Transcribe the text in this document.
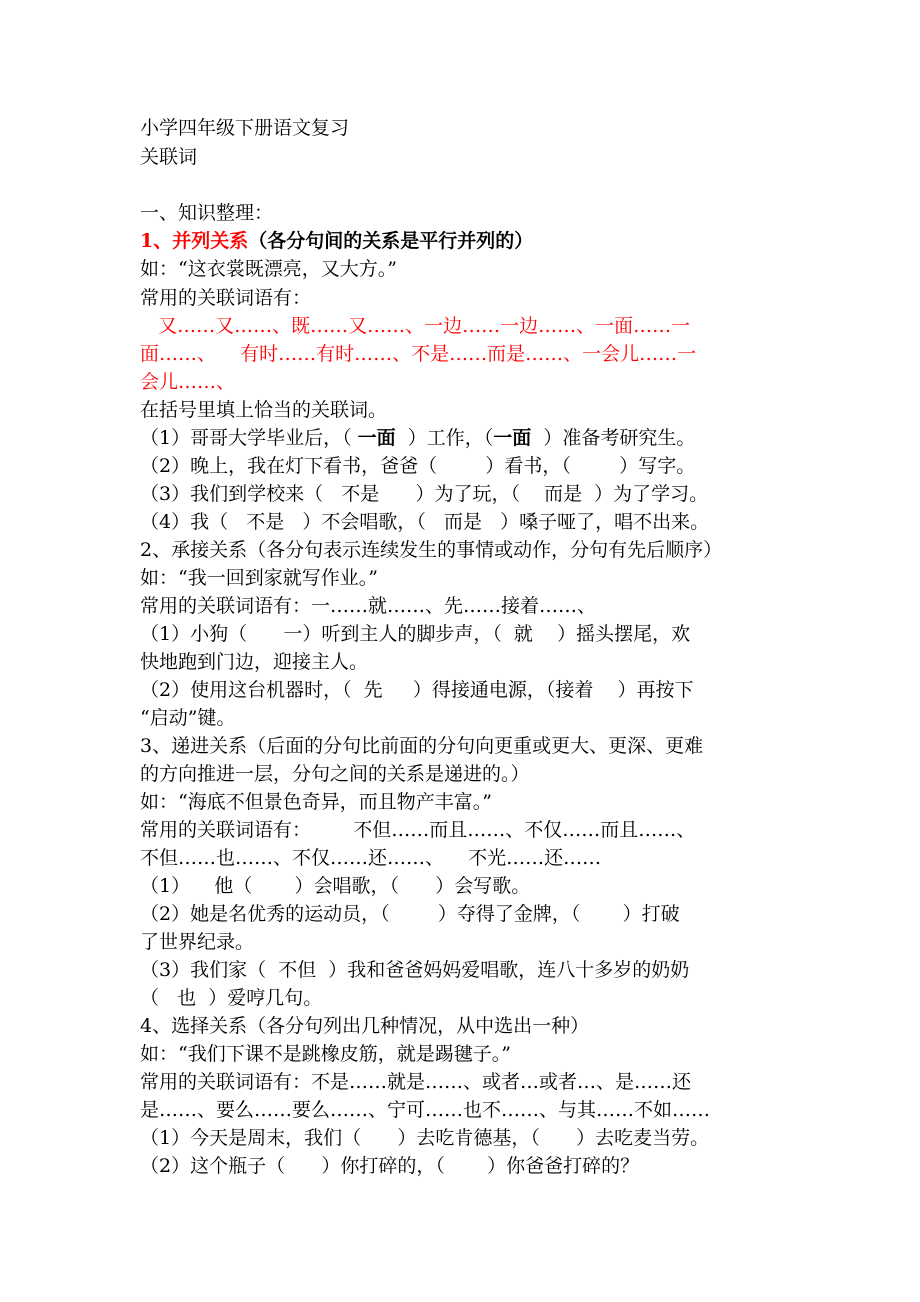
小学四年级下册语文复习
关联词
一、知识整理：
1、并列关系（各分句间的关系是平行并列的）
如：“这衣裳既漂亮，又大方。”
常用的关联词语有：
又……又……、既……又……、一边……一边……、一面……一
面……、    有时……有时……、不是……而是……、一会儿……一
会儿……、
在括号里填上恰当的关联词。
（1）哥哥大学毕业后，（ 一面  ）工作，（一面  ）准备考研究生。
（2）晚上，我在灯下看书，爸爸（        ）看书，（        ）写字。
（3）我们到学校来（   不是      ）为了玩，（    而是  ）为了学习。
（4）我（   不是   ）不会唱歌，（   而是   ）嗓子哑了，唱不出来。
2、承接关系（各分句表示连续发生的事情或动作，分句有先后顺序）
如：“我一回到家就写作业。”
常用的关联词语有：一……就……、先……接着……、
（1）小狗（      一）听到主人的脚步声，（  就    ）摇头摆尾，欢
快地跑到门边，迎接主人。
（2）使用这台机器时，（  先     ）得接通电源，（接着    ）再按下
“启动”键。
3、递进关系（后面的分句比前面的分句向更重或更大、更深、更难
的方向推进一层，分句之间的关系是递进的。）
如：“海底不但景色奇异，而且物产丰富。”
常用的关联词语有：       不但……而且……、不仅……而且……、
不但……也……、不仅……还……、    不光……还……
（1）    他（       ）会唱歌，（      ）会写歌。
（2）她是名优秀的运动员，（        ）夺得了金牌，（       ）打破
了世界纪录。
（3）我们家（  不但  ）我和爸爸妈妈爱唱歌，连八十多岁的奶奶
（   也  ）爱哼几句。
4、选择关系（各分句列出几种情况，从中选出一种）
如：“我们下课不是跳橡皮筋，就是踢毽子。”
常用的关联词语有：不是……就是……、或者…或者…、是……还
是……、要么……要么……、宁可……也不……、与其……不如……
（1）今天是周末，我们（      ）去吃肯德基，（      ）去吃麦当劳。
（2）这个瓶子（      ）你打碎的，（       ）你爸爸打碎的？
